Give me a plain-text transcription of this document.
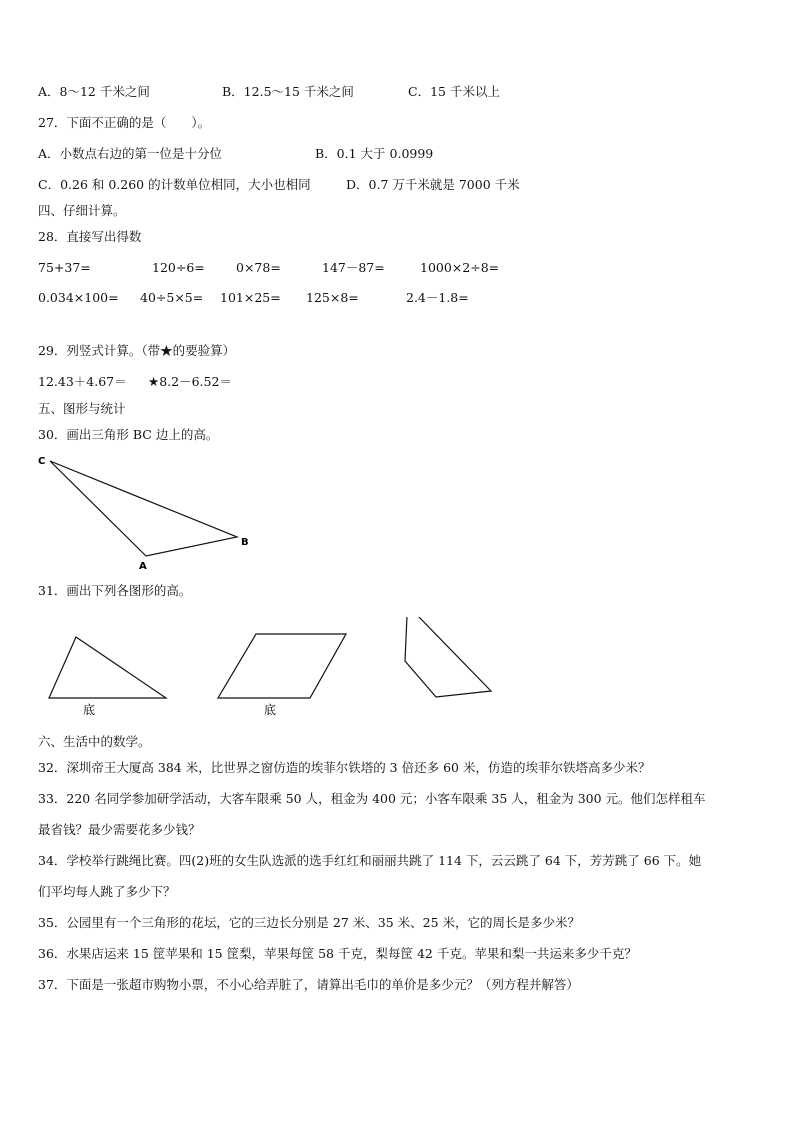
A．8～12 千米之间	B．12.5～15 千米之间	C．15 千米以上
27．下面不正确的是（　　）。
A．小数点右边的第一位是十分位	B．0.1 大于 0.0999
C．0.26 和 0.260 的计数单位相同，大小也相同	D．0.7 万千米就是 7000 千米
四、仔细计算。
28．直接写出得数
75+37=	120÷6= 0×78=	147－87=	1000×2÷8=
0.034×100= 40÷5×5= 101×25= 125×8=	2.4－1.8=
29．列竖式计算。（带★的要验算）
12.43＋4.67＝ ★8.2－6.52＝
五、图形与统计
30．画出三角形 BC 边上的高。
C
B
A
31．画出下列各图形的高。
底	底
六、生活中的数学。
32．深圳帝王大厦高 384 米，比世界之窗仿造的埃菲尔铁塔的 3 倍还多 60 米，仿造的埃菲尔铁塔高多少米？
33．220 名同学参加研学活动，大客车限乘 50 人，租金为 400 元；小客车限乘 35 人，租金为 300 元。他们怎样租车
最省钱？最少需要花多少钱？
34．学校举行跳绳比赛。四(2)班的女生队选派的选手红红和丽丽共跳了 114 下，云云跳了 64 下，芳芳跳了 66 下。她
们平均每人跳了多少下？
35．公园里有一个三角形的花坛，它的三边长分别是 27 米、35 米、25 米，它的周长是多少米？
36．水果店运来 15 筐苹果和 15 筐梨，苹果每筐 58 千克，梨每筐 42 千克。苹果和梨一共运来多少千克？
37．下面是一张超市购物小票，不小心给弄脏了，请算出毛巾的单价是多少元？（列方程并解答）
